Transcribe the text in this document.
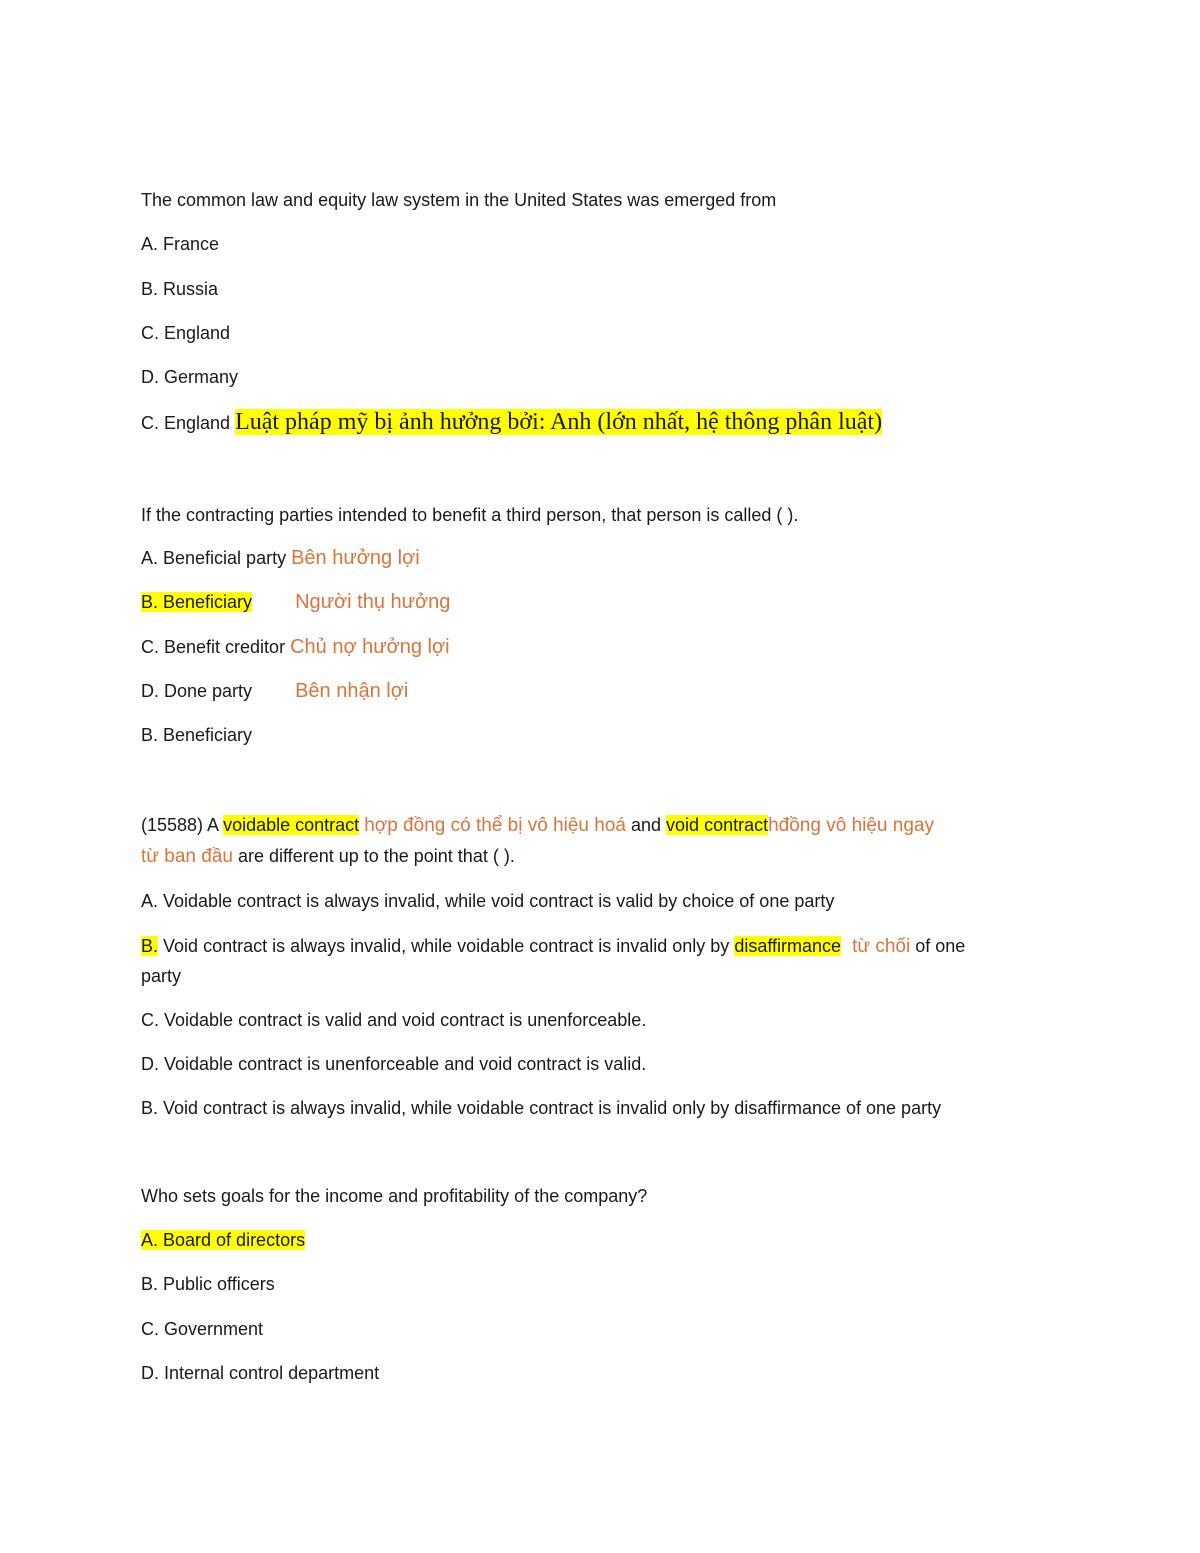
The common law and equity law system in the United States was emerged from
A. France
B. Russia
C. England
D. Germany
C. England Luật pháp mỹ bị ảnh hưởng bởi: Anh (lớn nhất, hệ thông phân luật)
If the contracting parties intended to benefit a third person, that person is called ( ).
A. Beneficial party Bên hưởng lợi
B. Beneficiary Người thụ hưởng
C. Benefit creditor Chủ nợ hưởng lợi
D. Done party Bên nhận lợi
B. Beneficiary
(15588) A voidable contract hợp đồng có thể bị vô hiệu hoá and void contracthđồng vô hiệu ngay
từ ban đầu are different up to the point that ( ).
A. Voidable contract is always invalid, while void contract is valid by choice of one party
B. Void contract is always invalid, while voidable contract is invalid only by disaffirmance từ chối of one
party
C. Voidable contract is valid and void contract is unenforceable.
D. Voidable contract is unenforceable and void contract is valid.
B. Void contract is always invalid, while voidable contract is invalid only by disaffirmance of one party
Who sets goals for the income and profitability of the company?
A. Board of directors
B. Public officers
C. Government
D. Internal control department
